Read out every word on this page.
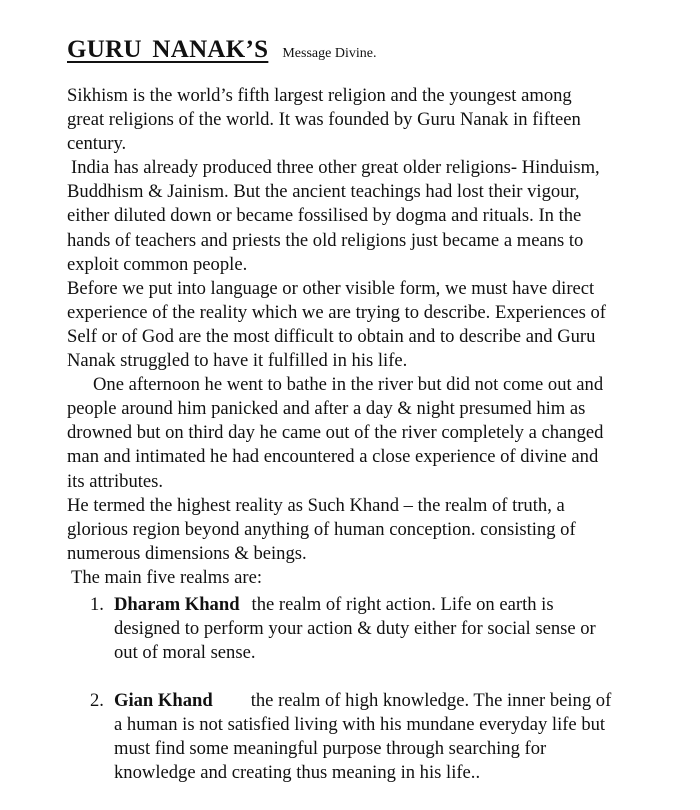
GURU NANAK’S Message Divine.
Sikhism is the world’s fifth largest religion and the youngest among
great religions of the world. It was founded by Guru Nanak in fifteen
century.
India has already produced three other great older religions- Hinduism,
Buddhism & Jainism. But the ancient teachings had lost their vigour,
either diluted down or became fossilised by dogma and rituals. In the
hands of teachers and priests the old religions just became a means to
exploit common people.
Before we put into language or other visible form, we must have direct
experience of the reality which we are trying to describe. Experiences of
Self or of God are the most difficult to obtain and to describe and Guru
Nanak struggled to have it fulfilled in his life.
One afternoon he went to bathe in the river but did not come out and
people around him panicked and after a day & night presumed him as
drowned but on third day he came out of the river completely a changed
man and intimated he had encountered a close experience of divine and
its attributes.
He termed the highest reality as Such Khand – the realm of truth, a
glorious region beyond anything of human conception. consisting of
numerous dimensions & beings.
The main five realms are:
1. Dharam Khand the realm of right action. Life on earth is
designed to perform your action & duty either for social sense or
out of moral sense.
2. Gian Khand the realm of high knowledge. The inner being of
a human is not satisfied living with his mundane everyday life but
must find some meaningful purpose through searching for
knowledge and creating thus meaning in his life..
